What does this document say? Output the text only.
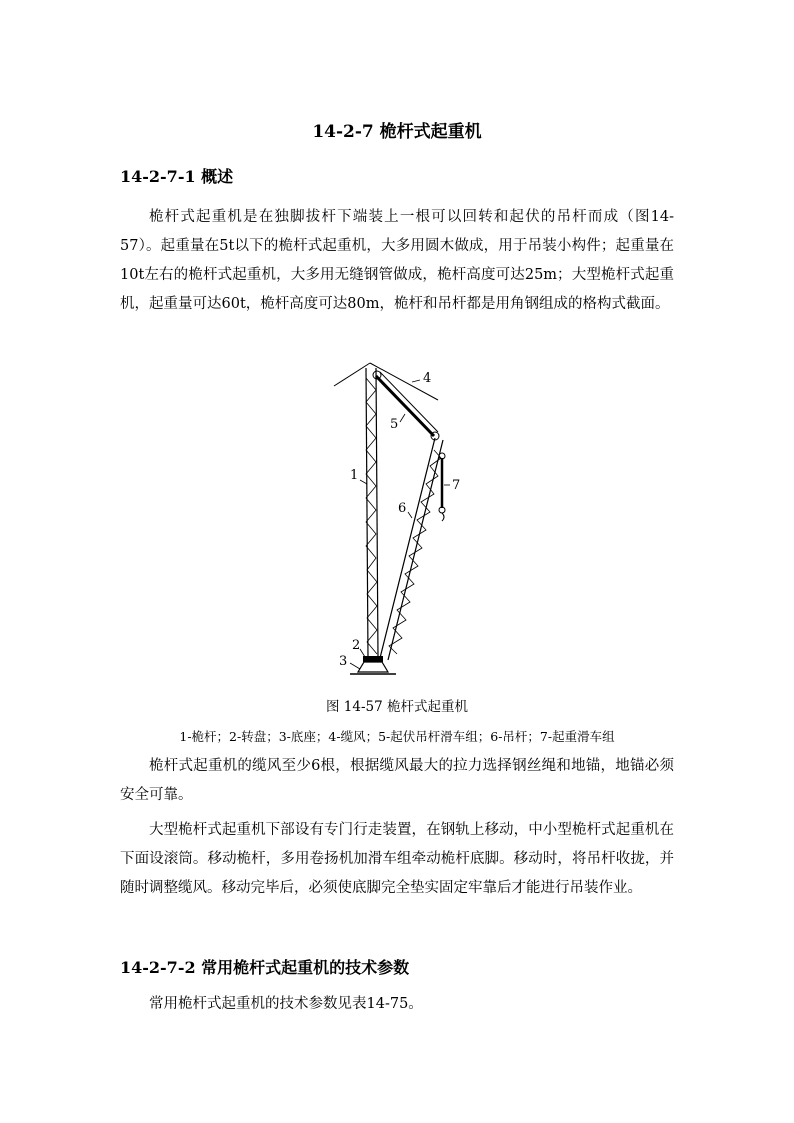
14-2-7 桅杆式起重机
14-2-7-1 概述

桅杆式起重机是在独脚拔杆下端装上一根可以回转和起伏的吊杆而成（图14-57）。起重量在5t以下的桅杆式起重机，大多用圆木做成，用于吊装小构件；起重量在10t左右的桅杆式起重机，大多用无缝钢管做成，桅杆高度可达25m；大型桅杆式起重机，起重量可达60t，桅杆高度可达80m，桅杆和吊杆都是用角钢组成的格构式截面。

1
2
3
4
5
6
7
图 14-57 桅杆式起重机
1-桅杆；2-转盘；3-底座；4-缆风；5-起伏吊杆滑车组；6-吊杆；7-起重滑车组

桅杆式起重机的缆风至少6根，根据缆风最大的拉力选择钢丝绳和地锚，地锚必须安全可靠。

大型桅杆式起重机下部设有专门行走装置，在钢轨上移动，中小型桅杆式起重机在下面设滚筒。移动桅杆，多用卷扬机加滑车组牵动桅杆底脚。移动时，将吊杆收拢，并随时调整缆风。移动完毕后，必须使底脚完全垫实固定牢靠后才能进行吊装作业。

14-2-7-2 常用桅杆式起重机的技术参数

常用桅杆式起重机的技术参数见表14-75。
